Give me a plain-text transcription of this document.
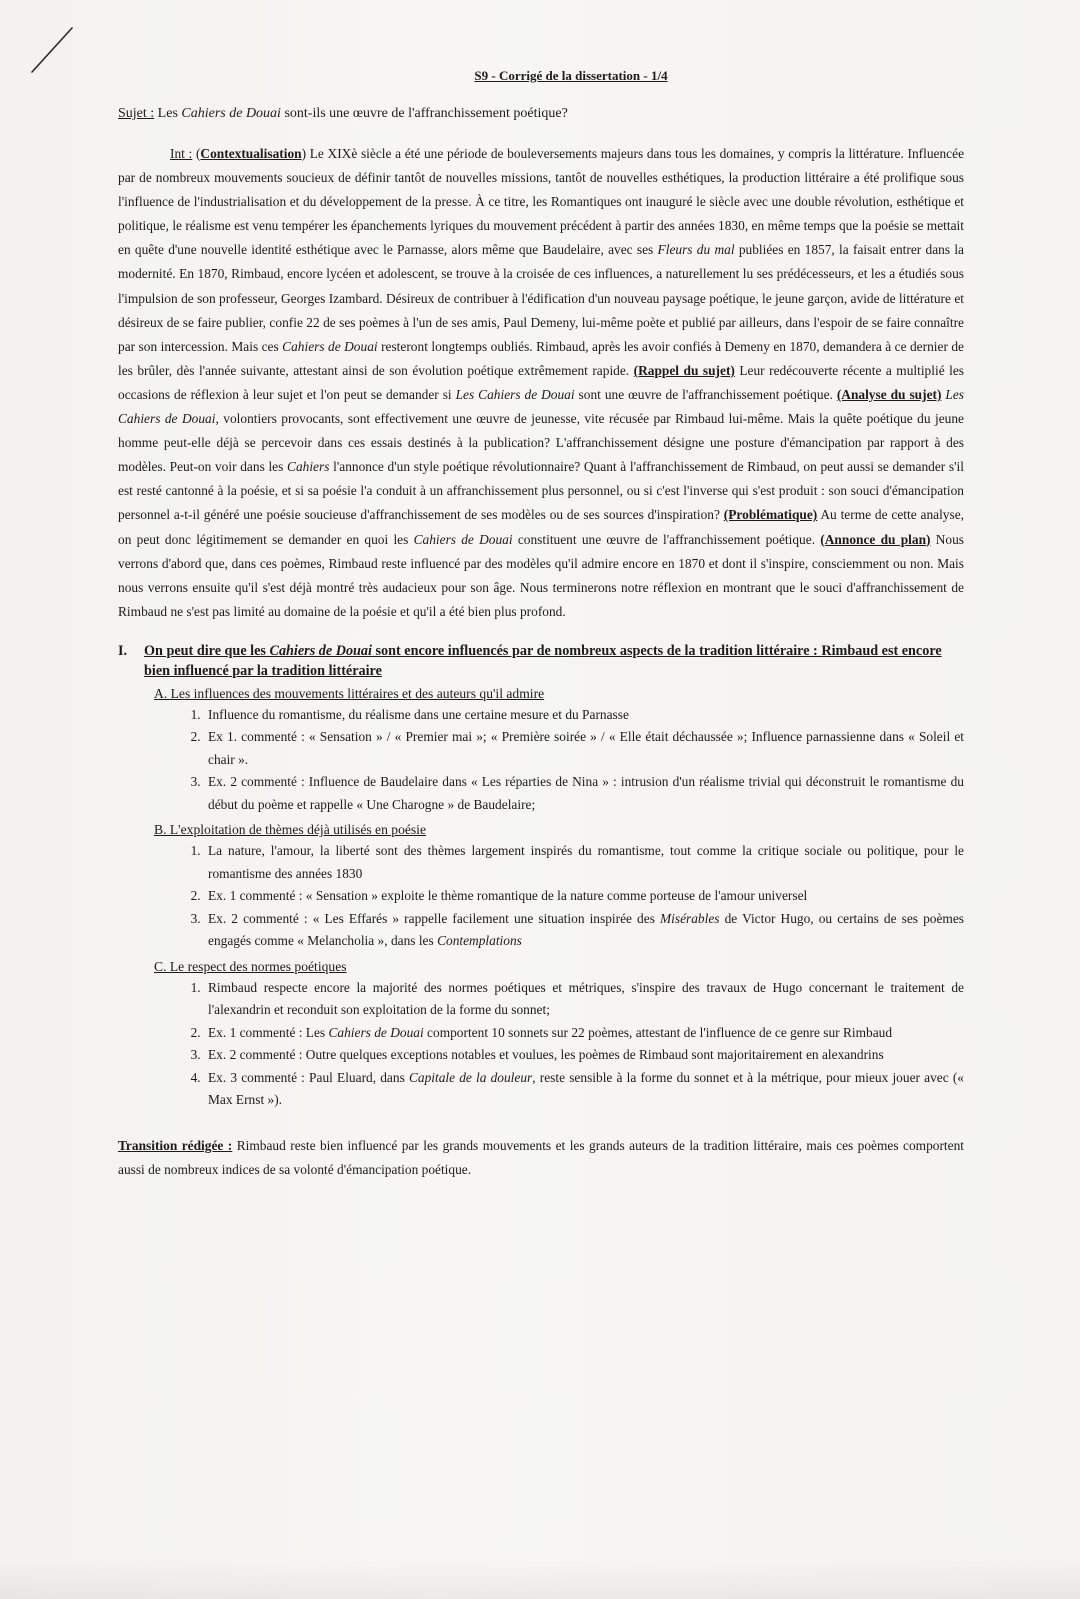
S9 - Corrigé de la dissertation - 1/4

Sujet : Les Cahiers de Douai sont-ils une œuvre de l'affranchissement poétique?

Int : (Contextualisation) Le XIXè siècle a été une période de bouleversements majeurs dans tous les domaines, y compris la littérature. Influencée par de nombreux mouvements soucieux de définir tantôt de nouvelles missions, tantôt de nouvelles esthétiques, la production littéraire a été prolifique sous l'influence de l'industrialisation et du développement de la presse. À ce titre, les Romantiques ont inauguré le siècle avec une double révolution, esthétique et politique, le réalisme est venu tempérer les épanchements lyriques du mouvement précédent à partir des années 1830, en même temps que la poésie se mettait en quête d'une nouvelle identité esthétique avec le Parnasse, alors même que Baudelaire, avec ses Fleurs du mal publiées en 1857, la faisait entrer dans la modernité. En 1870, Rimbaud, encore lycéen et adolescent, se trouve à la croisée de ces influences, a naturellement lu ses prédécesseurs, et les a étudiés sous l'impulsion de son professeur, Georges Izambard. Désireux de contribuer à l'édification d'un nouveau paysage poétique, le jeune garçon, avide de littérature et désireux de se faire publier, confie 22 de ses poèmes à l'un de ses amis, Paul Demeny, lui-même poète et publié par ailleurs, dans l'espoir de se faire connaître par son intercession. Mais ces Cahiers de Douai resteront longtemps oubliés. Rimbaud, après les avoir confiés à Demeny en 1870, demandera à ce dernier de les brûler, dès l'année suivante, attestant ainsi de son évolution poétique extrêmement rapide. (Rappel du sujet) Leur redécouverte récente a multiplié les occasions de réflexion à leur sujet et l'on peut se demander si Les Cahiers de Douai sont une œuvre de l'affranchissement poétique. (Analyse du sujet) Les Cahiers de Douai, volontiers provocants, sont effectivement une œuvre de jeunesse, vite récusée par Rimbaud lui-même. Mais la quête poétique du jeune homme peut-elle déjà se percevoir dans ces essais destinés à la publication? L'affranchissement désigne une posture d'émancipation par rapport à des modèles. Peut-on voir dans les Cahiers l'annonce d'un style poétique révolutionnaire? Quant à l'affranchissement de Rimbaud, on peut aussi se demander s'il est resté cantonné à la poésie, et si sa poésie l'a conduit à un affranchissement plus personnel, ou si c'est l'inverse qui s'est produit : son souci d'émancipation personnel a-t-il généré une poésie soucieuse d'affranchissement de ses modèles ou de ses sources d'inspiration? (Problématique) Au terme de cette analyse, on peut donc légitimement se demander en quoi les Cahiers de Douai constituent une œuvre de l'affranchissement poétique. (Annonce du plan) Nous verrons d'abord que, dans ces poèmes, Rimbaud reste influencé par des modèles qu'il admire encore en 1870 et dont il s'inspire, consciemment ou non. Mais nous verrons ensuite qu'il s'est déjà montré très audacieux pour son âge. Nous terminerons notre réflexion en montrant que le souci d'affranchissement de Rimbaud ne s'est pas limité au domaine de la poésie et qu'il a été bien plus profond.

I. On peut dire que les Cahiers de Douai sont encore influencés par de nombreux aspects de la tradition littéraire : Rimbaud est encore bien influencé par la tradition littéraire
A. Les influences des mouvements littéraires et des auteurs qu'il admire
1. Influence du romantisme, du réalisme dans une certaine mesure et du Parnasse
2. Ex 1. commenté : « Sensation » / « Premier mai »; « Première soirée » / « Elle était déchaussée »; Influence parnassienne dans « Soleil et chair ».
3. Ex. 2 commenté : Influence de Baudelaire dans « Les réparties de Nina » : intrusion d'un réalisme trivial qui déconstruit le romantisme du début du poème et rappelle « Une Charogne » de Baudelaire;
B. L'exploitation de thèmes déjà utilisés en poésie
1. La nature, l'amour, la liberté sont des thèmes largement inspirés du romantisme, tout comme la critique sociale ou politique, pour le romantisme des années 1830
2. Ex. 1 commenté : « Sensation » exploite le thème romantique de la nature comme porteuse de l'amour universel
3. Ex. 2 commenté : « Les Effarés » rappelle facilement une situation inspirée des Misérables de Victor Hugo, ou certains de ses poèmes engagés comme « Melancholia », dans les Contemplations
C. Le respect des normes poétiques
1. Rimbaud respecte encore la majorité des normes poétiques et métriques, s'inspire des travaux de Hugo concernant le traitement de l'alexandrin et reconduit son exploitation de la forme du sonnet;
2. Ex. 1 commenté : Les Cahiers de Douai comportent 10 sonnets sur 22 poèmes, attestant de l'influence de ce genre sur Rimbaud
3. Ex. 2 commenté : Outre quelques exceptions notables et voulues, les poèmes de Rimbaud sont majoritairement en alexandrins
4. Ex. 3 commenté : Paul Eluard, dans Capitale de la douleur, reste sensible à la forme du sonnet et à la métrique, pour mieux jouer avec (« Max Ernst »).

Transition rédigée : Rimbaud reste bien influencé par les grands mouvements et les grands auteurs de la tradition littéraire, mais ces poèmes comportent aussi de nombreux indices de sa volonté d'émancipation poétique.
